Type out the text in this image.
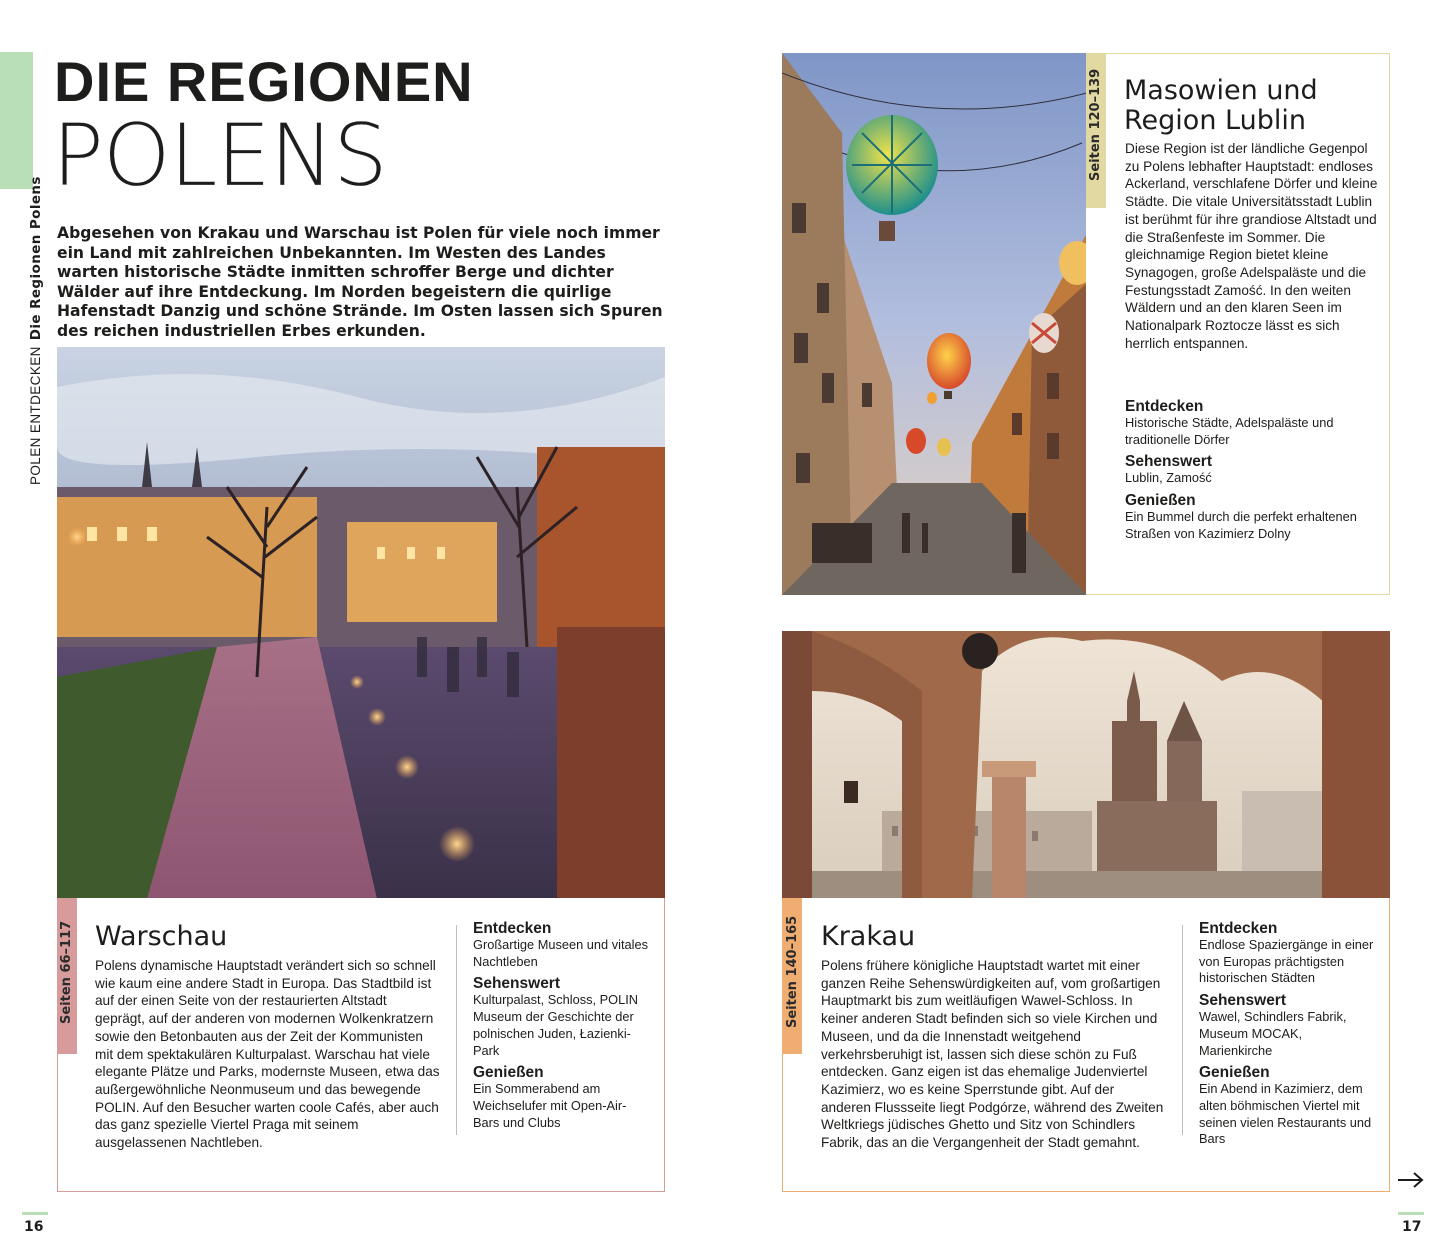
POLEN ENTDECKENDie Regionen Polens
DIE REGIONEN
POLENS
Abgesehen von Krakau und Warschau ist Polen für viele noch immer ein Land mit zahlreichen Unbekannten. Im Westen des Landes warten historische Städte inmitten schroffer Berge und dichter Wälder auf ihre Entdeckung. Im Norden begeistern die quirlige Hafenstadt Danzig und schöne Strände. Im Osten lassen sich Spuren des reichen industriellen Erbes erkunden.
Seiten 66–117 Warschau
Polens dynamische Hauptstadt verändert sich so schnell wie kaum eine andere Stadt in Europa. Das Stadtbild ist auf der einen Seite von der restaurierten Altstadt geprägt, auf der anderen von modernen Wolkenkratzern sowie den Betonbauten aus der Zeit der Kommunisten mit dem spektakulären Kulturpalast. Warschau hat viele elegante Plätze und Parks, modernste Museen, etwa das außergewöhnliche Neonmuseum und das bewegende POLIN. Auf den Besucher warten coole Cafés, aber auch das ganz spezielle Viertel Praga mit seinem ausgelassenen Nachtleben.
Entdecken
Großartige Museen und vitales Nachtleben
Sehenswert
Kulturpalast, Schloss, POLIN Museum der Geschichte der polnischen Juden, Łazienki-Park
Genießen
Ein Sommerabend am Weichselufer mit Open-Air-Bars und Clubs
16
Seiten 120–139 Masowien und
Region Lublin
Diese Region ist der ländliche Gegenpol zu Polens lebhafter Hauptstadt: endloses Ackerland, verschlafene Dörfer und kleine Städte. Die vitale Universitätsstadt Lublin ist berühmt für ihre grandiose Altstadt und die Straßenfeste im Sommer. Die gleichnamige Region bietet kleine Synagogen, große Adelspaläste und die Festungsstadt Zamość. In den weiten Wäldern und an den klaren Seen im Nationalpark Roztocze lässt es sich herrlich entspannen.
Entdecken
Historische Städte, Adelspaläste und traditionelle Dörfer
Sehenswert
Lublin, Zamość
Genießen
Ein Bummel durch die perfekt erhaltenen Straßen von Kazimierz Dolny
Seiten 140–165 Krakau
Polens frühere königliche Hauptstadt wartet mit einer ganzen Reihe Sehenswürdigkeiten auf, vom großartigen Hauptmarkt bis zum weitläufigen Wawel-Schloss. In keiner anderen Stadt befinden sich so viele Kirchen und Museen, und da die Innenstadt weitgehend verkehrsberuhigt ist, lassen sich diese schön zu Fuß entdecken. Ganz eigen ist das ehemalige Judenviertel Kazimierz, wo es keine Sperrstunde gibt. Auf der anderen Flussseite liegt Podgórze, während des Zweiten Weltkriegs jüdisches Ghetto und Sitz von Schindlers Fabrik, das an die Vergangenheit der Stadt gemahnt.
Entdecken
Endlose Spaziergänge in einer von Europas prächtigsten historischen Städten
Sehenswert
Wawel, Schindlers Fabrik, Museum MOCAK, Marienkirche
Genießen
Ein Abend in Kazimierz, dem alten böhmischen Viertel mit seinen vielen Restaurants und Bars
17
